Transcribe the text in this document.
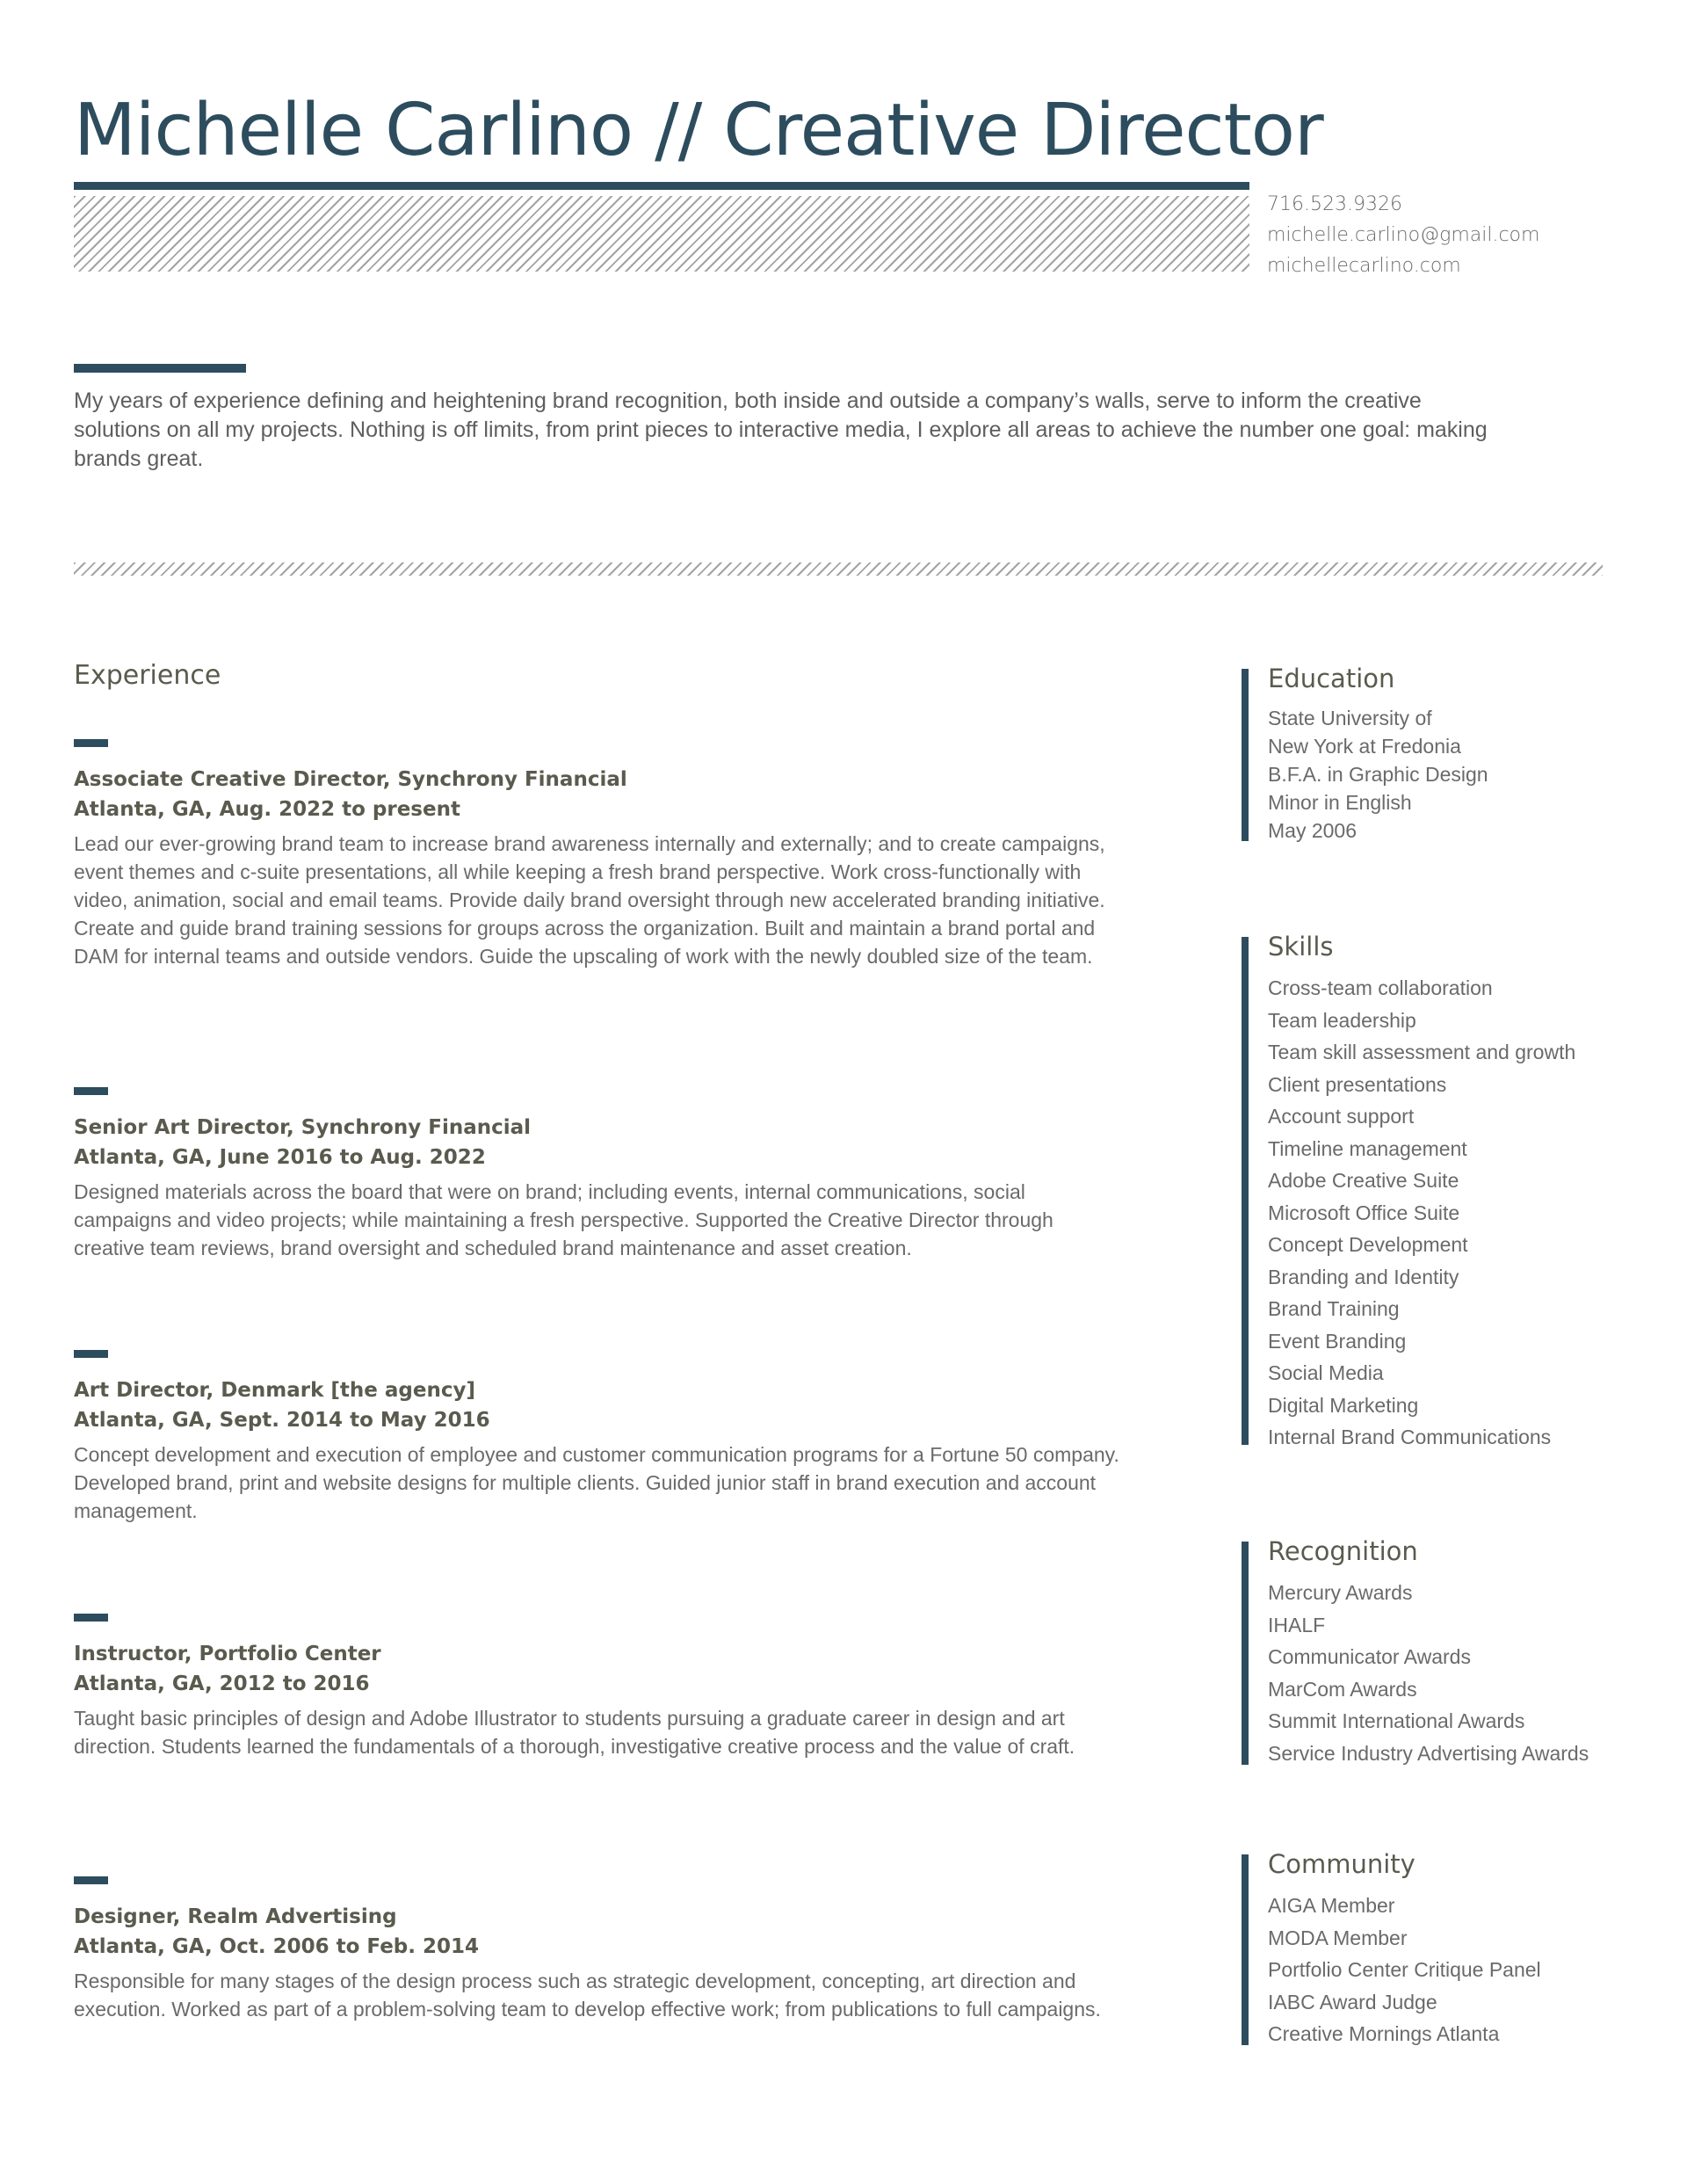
Michelle Carlino // Creative Director
716.523.9326
michelle.carlino@gmail.com
michellecarlino.com

My years of experience defining and heightening brand recognition, both inside and outside a company’s walls, serve to inform the creative solutions on all my projects. Nothing is off limits, from print pieces to interactive media, I explore all areas to achieve the number one goal: making brands great.

Experience
Associate Creative Director, Synchrony Financial
Atlanta, GA, Aug. 2022 to present

Lead our ever-growing brand team to increase brand awareness internally and externally; and to create campaigns, event themes and c-suite presentations, all while keeping a fresh brand perspective. Work cross-functionally with video, animation, social and email teams. Provide daily brand oversight through new accelerated branding initiative. Create and guide brand training sessions for groups across the organization. Built and maintain a brand portal and DAM for internal teams and outside vendors. Guide the upscaling of work with the newly doubled size of the team.

Senior Art Director, Synchrony Financial
Atlanta, GA, June 2016 to Aug. 2022

Designed materials across the board that were on brand; including events, internal communications, social campaigns and video projects; while maintaining a fresh perspective. Supported the Creative Director through creative team reviews, brand oversight and scheduled brand maintenance and asset creation.

Art Director, Denmark [the agency]
Atlanta, GA, Sept. 2014 to May 2016

Concept development and execution of employee and customer communication programs for a Fortune 50 company. Developed brand, print and website designs for multiple clients. Guided junior staff in brand execution and account management.

Instructor, Portfolio Center
Atlanta, GA, 2012 to 2016

Taught basic principles of design and Adobe Illustrator to students pursuing a graduate career in design and art direction. Students learned the fundamentals of a thorough, investigative creative process and the value of craft.

Designer, Realm Advertising
Atlanta, GA, Oct. 2006 to Feb. 2014

Responsible for many stages of the design process such as strategic development, concepting, art direction and execution. Worked as part of a problem-solving team to develop effective work; from publications to full campaigns.

Education
State University of
New York at Fredonia
B.F.A. in Graphic Design
Minor in English
May 2006
Skills
Cross-team collaboration
Team leadership
Team skill assessment and growth
Client presentations
Account support
Timeline management
Adobe Creative Suite
Microsoft Office Suite
Concept Development
Branding and Identity
Brand Training
Event Branding
Social Media
Digital Marketing
Internal Brand Communications
Recognition
Mercury Awards
IHALF
Communicator Awards
MarCom Awards
Summit International Awards
Service Industry Advertising Awards
Community
AIGA Member
MODA Member
Portfolio Center Critique Panel
IABC Award Judge
Creative Mornings Atlanta
